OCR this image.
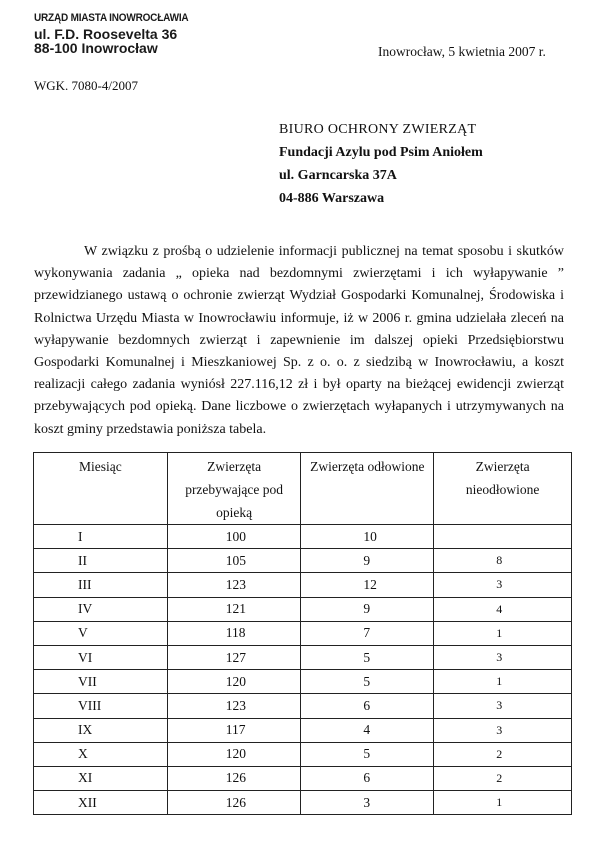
URZĄD MIASTA INOWROCŁAWIA
ul. F.D. Roosevelta 36
88-100 Inowrocław
WGK. 7080-4/2007
Inowrocław, 5 kwietnia 2007 r.
BIURO OCHRONY ZWIERZĄT
Fundacji Azylu pod Psim Aniołem
ul. Garncarska 37A
04-886 Warszawa
W związku z prośbą o udzielenie informacji publicznej na temat sposobu i skutków wykonywania zadania „ opieka nad bezdomnymi zwierzętami i ich wyłapywanie ” przewidzianego ustawą o ochronie zwierząt Wydział Gospodarki Komunalnej, Środowiska i Rolnictwa Urzędu Miasta w Inowrocławiu informuje, iż w 2006 r. gmina udzielała zleceń na wyłapywanie bezdomnych zwierząt i zapewnienie im dalszej opieki Przedsiębiorstwu Gospodarki Komunalnej i Mieszkaniowej Sp. z o. o. z siedzibą w Inowrocławiu, a koszt realizacji całego zadania wyniósł 227.116,12 zł i był oparty na bieżącej ewidencji zwierząt przebywających pod opieką. Dane liczbowe o zwierzętach wyłapanych i utrzymywanych na koszt gminy przedstawia poniższa tabela.
Miesiąc	Zwierzęta przebywające pod opieką	Zwierzęta odłowione	Zwierzęta nieodłowione
I	100	10	
II	105	9	8
III	123	12	3
IV	121	9	4
V	118	7	1
VI	127	5	3
VII	120	5	1
VIII	123	6	3
IX	117	4	3
X	120	5	2
XI	126	6	2
XII	126	3	1
